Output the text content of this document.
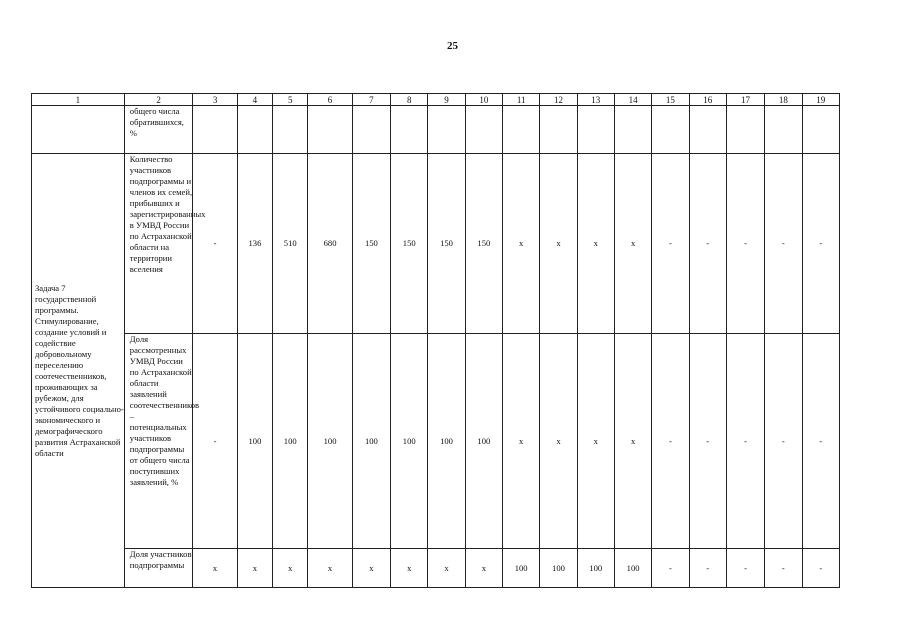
25
1	2	3	4	5	6	7	8	9	10	11	12	13	14	15	16	17	18	19
	общего числа обратившихся, %																	
Задача 7 государственной программы. Стимулирование, создание условий и содействие добровольному переселению соотечественников, проживающих за рубежом, для устойчивого социально-экономического и демографического развития Астраханской области	Количество участников подпрограммы и членов их семей, прибывших и зарегистрированных в УМВД России по Астраханской области на территории вселения	-	136	510	680	150	150	150	150	х	х	х	х	-	-	-	-	-
	Доля рассмотренных УМВД России по Астраханской области заявлений соотечественников – потенциальных участников подпрограммы от общего числа поступивших заявлений, %	-	100	100	100	100	100	100	100	х	х	х	х	-	-	-	-	-
	Доля участников подпрограммы	х	х	х	х	х	х	х	х	100	100	100	100	-	-	-	-	-
